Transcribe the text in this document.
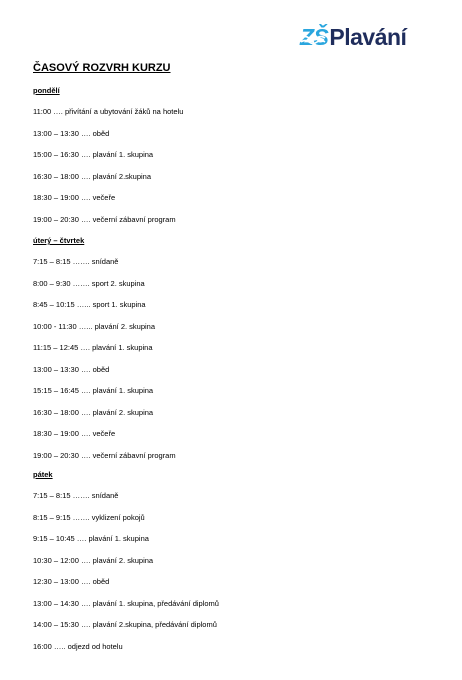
ZŠ Plavání
ČASOVÝ ROZVRH KURZU
pondělí
11:00 …. přivítání a ubytování žáků na hotelu
13:00 – 13:30 …. oběd
15:00 – 16:30 …. plavání 1. skupina
16:30 – 18:00 …. plavání 2.skupina
18:30 – 19:00 …. večeře
19:00 – 20:30 …. večerní zábavní program
úterý – čtvrtek
7:15 – 8:15 ……. snídaně
8:00 – 9:30 ……. sport 2. skupina
8:45 – 10:15 …... sport 1. skupina
10:00 - 11:30 …... plavání 2. skupina
11:15 – 12:45 …. plavání 1. skupina
13:00 – 13:30 …. oběd
15:15 – 16:45 …. plavání 1. skupina
16:30 – 18:00 …. plavání 2. skupina
18:30 – 19:00 …. večeře
19:00 – 20:30 …. večerní zábavní program
pátek
7:15 – 8:15 ……. snídaně
8:15 – 9:15 ……. vyklizení pokojů
9:15 – 10:45 …. plavání 1. skupina
10:30 – 12:00 …. plavání 2. skupina
12:30 – 13:00 …. oběd
13:00 – 14:30 …. plavání 1. skupina, předávání diplomů
14:00 – 15:30 …. plavání 2.skupina, předávání diplomů
16:00 ….. odjezd od hotelu
